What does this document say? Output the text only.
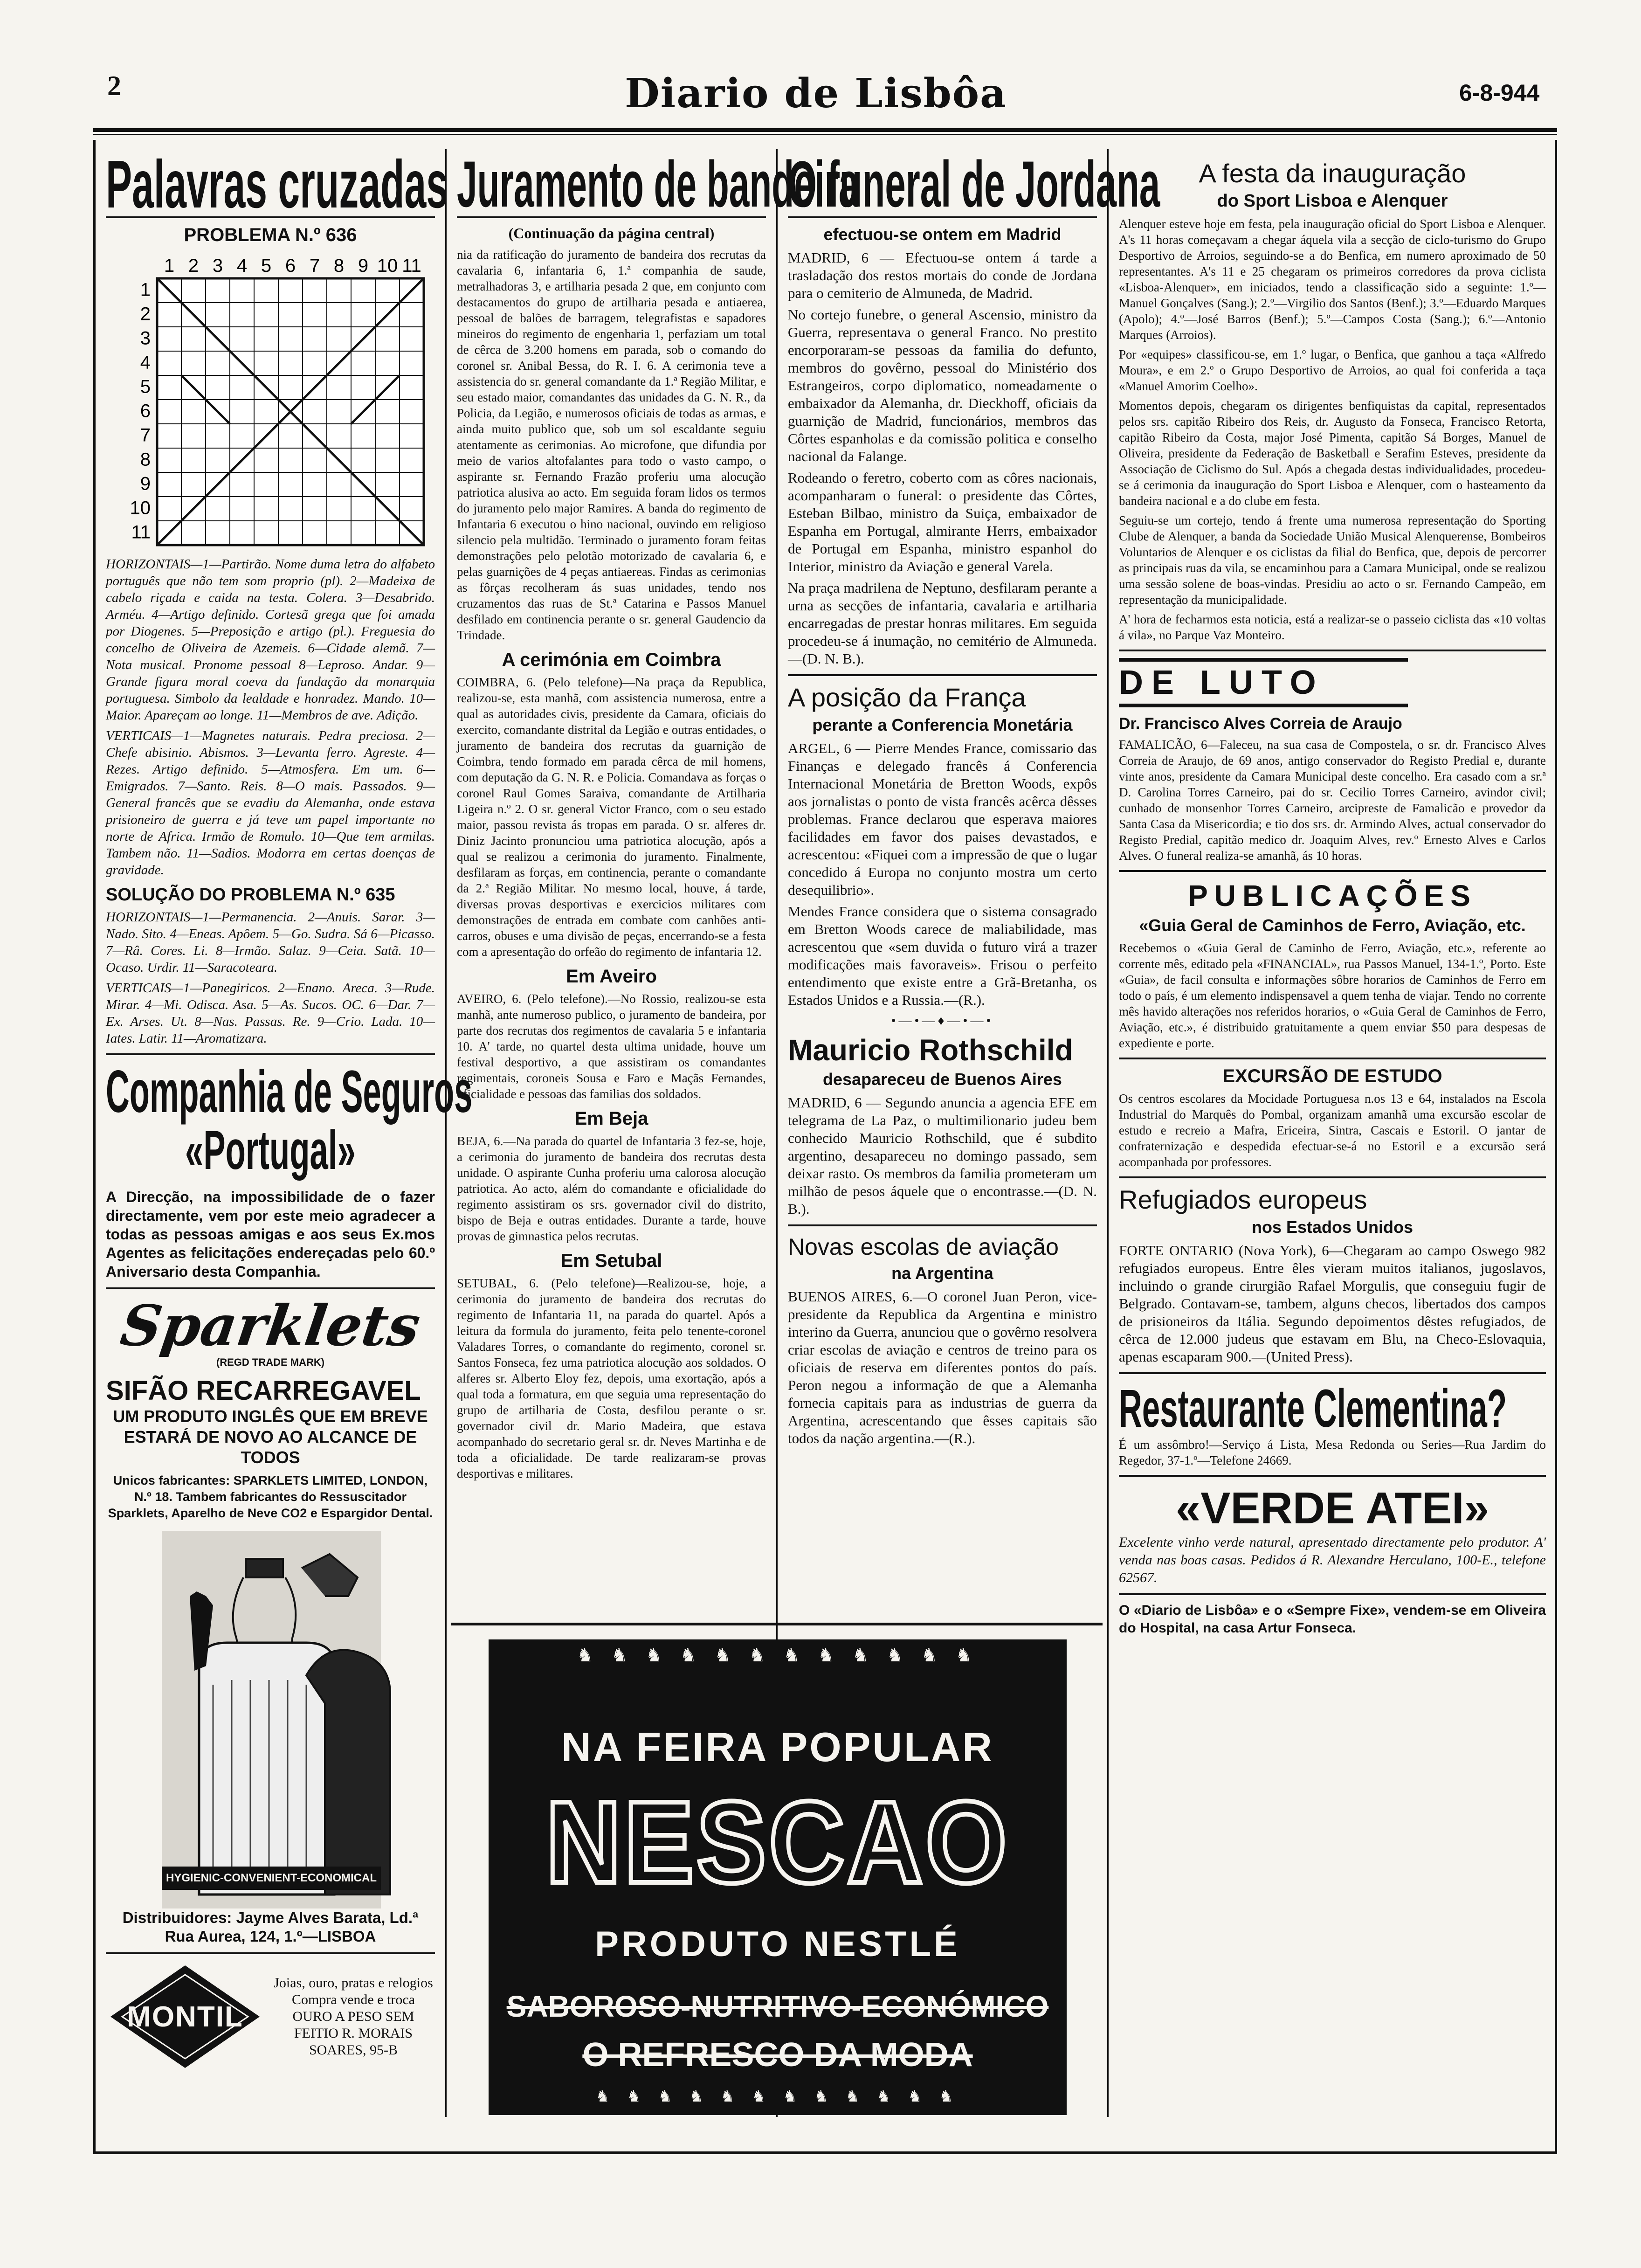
2	Diario de Lisbôa	6-8-944
Palavras cruzadas
PROBLEMA N.º 636
1 2 3 4 5 6 7 8 9 10 11
1
2
3
4
5
6
7
8
9
10
11

HORIZONTAIS—1—Partirão. Nome duma letra do alfabeto português que não tem som proprio (pl). 2—Madeixa de cabelo riçada e caida na testa. Colera. 3—Desabrido. Arméu. 4—Artigo definido. Cortesã grega que foi amada por Diogenes. 5—Preposição e artigo (pl.). Freguesia do concelho de Oliveira de Azemeis. 6—Cidade alemã. 7—Nota musical. Pronome pessoal 8—Leproso. Andar. 9—Grande figura moral coeva da fundação da monarquia portuguesa. Simbolo da lealdade e honradez. Mando. 10—Maior. Apareçam ao longe. 11—Membros de ave. Adição.

VERTICAIS—1—Magnetes naturais. Pedra preciosa. 2—Chefe abisinio. Abismos. 3—Levanta ferro. Agreste. 4—Rezes. Artigo definido. 5—Atmosfera. Em um. 6—Emigrados. 7—Santo. Reis. 8—O mais. Passados. 9—General francês que se evadiu da Alemanha, onde estava prisioneiro de guerra e já teve um papel importante no norte de Africa. Irmão de Romulo. 10—Que tem armilas. Tambem não. 11—Sadios. Modorra em certas doenças de gravidade.

SOLUÇÃO DO PROBLEMA N.º 635

HORIZONTAIS—1—Permanencia. 2—Anuis. Sarar. 3—Nado. Sito. 4—Eneas. Apôem. 5—Go. Sudra. Sá 6—Picasso. 7—Râ. Cores. Li. 8—Irmão. Salaz. 9—Ceia. Satã. 10—Ocaso. Urdir. 11—Saracoteara.

VERTICAIS—1—Panegiricos. 2—Enano. Areca. 3—Rude. Mirar. 4—Mi. Odisca. Asa. 5—As. Sucos. OC. 6—Dar. 7—Ex. Arses. Ut. 8—Nas. Passas. Re. 9—Crio. Lada. 10—Iates. Latir. 11—Aromatizara.

Companhia de Seguros
«Portugal»

A Direcção, na impossibilidade de o fazer directamente, vem por este meio agradecer a todas as pessoas amigas e aos seus Ex.mos Agentes as felicitações endereçadas pelo 60.º Aniversario desta Companhia.

Sparklets
(REGD TRADE MARK)
SIFÃO RECARREGAVEL
UM PRODUTO INGLÊS QUE EM BREVE ESTARÁ DE NOVO AO ALCANCE DE TODOS
Unicos fabricantes: SPARKLETS LIMITED, LONDON, N.º 18. Tambem fabricantes do Ressuscitador Sparklets, Aparelho de Neve CO2 e Espargidor Dental.
HYGIENIC-CONVENIENT-ECONOMICAL
Distribuidores: Jayme Alves Barata, Ld.ª Rua Aurea, 124, 1.º—LISBOA
MONTIL
Joias, ouro, pratas e relogios Compra vende e troca OURO A PESO SEM FEITIO R. MORAIS SOARES, 95-B
Juramento de bandeira
(Continuação da página central)

nia da ratificação do juramento de bandeira dos recrutas da cavalaria 6, infantaria 6, 1.ª companhia de saude, metralhadoras 3, e artilharia pesada 2 que, em conjunto com destacamentos do grupo de artilharia pesada e antiaerea, pessoal de balões de barragem, telegrafistas e sapadores mineiros do regimento de engenharia 1, perfaziam um total de cêrca de 3.200 homens em parada, sob o comando do coronel sr. Anibal Bessa, do R. I. 6. A cerimonia teve a assistencia do sr. general comandante da 1.ª Região Militar, e seu estado maior, comandantes das unidades da G. N. R., da Policia, da Legião, e numerosos oficiais de todas as armas, e ainda muito publico que, sob um sol escaldante seguiu atentamente as cerimonias. Ao microfone, que difundia por meio de varios altofalantes para todo o vasto campo, o aspirante sr. Fernando Frazão proferiu uma alocução patriotica alusiva ao acto. Em seguida foram lidos os termos do juramento pelo major Ramires. A banda do regimento de Infantaria 6 executou o hino nacional, ouvindo em religioso silencio pela multidão. Terminado o juramento foram feitas demonstrações pelo pelotão motorizado de cavalaria 6, e pelas guarnições de 4 peças antiaereas. Findas as cerimonias as fôrças recolheram ás suas unidades, tendo nos cruzamentos das ruas de St.ª Catarina e Passos Manuel desfilado em continencia perante o sr. general Gaudencio da Trindade.

A cerimónia em Coimbra

COIMBRA, 6. (Pelo telefone)—Na praça da Republica, realizou-se, esta manhã, com assistencia numerosa, entre a qual as autoridades civis, presidente da Camara, oficiais do exercito, comandante distrital da Legião e outras entidades, o juramento de bandeira dos recrutas da guarnição de Coimbra, tendo formado em parada cêrca de mil homens, com deputação da G. N. R. e Policia. Comandava as forças o coronel Raul Gomes Saraiva, comandante de Artilharia Ligeira n.º 2. O sr. general Victor Franco, com o seu estado maior, passou revista ás tropas em parada. O sr. alferes dr. Diniz Jacinto pronunciou uma patriotica alocução, após a qual se realizou a cerimonia do juramento. Finalmente, desfilaram as forças, em continencia, perante o comandante da 2.ª Região Militar. No mesmo local, houve, á tarde, diversas provas desportivas e exercicios militares com demonstrações de entrada em combate com canhões anti-carros, obuses e uma divisão de peças, encerrando-se a festa com a apresentação do orfeão do regimento de infantaria 12.

Em Aveiro

AVEIRO, 6. (Pelo telefone).—No Rossio, realizou-se esta manhã, ante numeroso publico, o juramento de bandeira, por parte dos recrutas dos regimentos de cavalaria 5 e infantaria 10. A' tarde, no quartel desta ultima unidade, houve um festival desportivo, a que assistiram os comandantes regimentais, coroneis Sousa e Faro e Maçãs Fernandes, oficialidade e pessoas das familias dos soldados.

Em Beja

BEJA, 6.—Na parada do quartel de Infantaria 3 fez-se, hoje, a cerimonia do juramento de bandeira dos recrutas desta unidade. O aspirante Cunha proferiu uma calorosa alocução patriotica. Ao acto, além do comandante e oficialidade do regimento assistiram os srs. governador civil do distrito, bispo de Beja e outras entidades. Durante a tarde, houve provas de gimnastica pelos recrutas.

Em Setubal

SETUBAL, 6. (Pelo telefone)—Realizou-se, hoje, a cerimonia do juramento de bandeira dos recrutas do regimento de Infantaria 11, na parada do quartel. Após a leitura da formula do juramento, feita pelo tenente-coronel Valadares Torres, o comandante do regimento, coronel sr. Santos Fonseca, fez uma patriotica alocução aos soldados. O alferes sr. Alberto Eloy fez, depois, uma exortação, após a qual toda a formatura, em que seguia uma representação do grupo de artilharia de Costa, desfilou perante o sr. governador civil dr. Mario Madeira, que estava acompanhado do secretario geral sr. dr. Neves Martinha e de toda a oficialidade. De tarde realizaram-se provas desportivas e militares.

O funeral de Jordana
efectuou-se ontem em Madrid

MADRID, 6 — Efectuou-se ontem á tarde a trasladação dos restos mortais do conde de Jordana para o cemiterio de Almuneda, de Madrid.

No cortejo funebre, o general Ascensio, ministro da Guerra, representava o general Franco. No prestito encorporaram-se pessoas da familia do defunto, membros do govêrno, pessoal do Ministério dos Estrangeiros, corpo diplomatico, nomeadamente o embaixador da Alemanha, dr. Dieckhoff, oficiais da guarnição de Madrid, funcionários, membros das Côrtes espanholas e da comissão politica e conselho nacional da Falange.

Rodeando o feretro, coberto com as côres nacionais, acompanharam o funeral: o presidente das Côrtes, Esteban Bilbao, ministro da Suiça, embaixador de Espanha em Portugal, almirante Herrs, embaixador de Portugal em Espanha, ministro espanhol do Interior, ministro da Aviação e general Varela.

Na praça madrilena de Neptuno, desfilaram perante a urna as secções de infantaria, cavalaria e artilharia encarregadas de prestar honras militares. Em seguida procedeu-se á inumação, no cemitério de Almuneda.—(D. N. B.).

A posição da França
perante a Conferencia Monetária

ARGEL, 6 — Pierre Mendes France, comissario das Finanças e delegado francês á Conferencia Internacional Monetária de Bretton Woods, expôs aos jornalistas o ponto de vista francês acêrca dêsses problemas. France declarou que esperava maiores facilidades em favor dos paises devastados, e acrescentou: «Fiquei com a impressão de que o lugar concedido á Europa no conjunto mostra um certo desequilibrio».

Mendes France considera que o sistema consagrado em Bretton Woods carece de maliabilidade, mas acrescentou que «sem duvida o futuro virá a trazer modificações mais favoraveis». Frisou o perfeito entendimento que existe entre a Grã-Bretanha, os Estados Unidos e a Russia.—(R.).

•—•—♦—•—•
Mauricio Rothschild
desapareceu de Buenos Aires

MADRID, 6 — Segundo anuncia a agencia EFE em telegrama de La Paz, o multimilionario judeu bem conhecido Mauricio Rothschild, que é subdito argentino, desapareceu no domingo passado, sem deixar rasto. Os membros da familia prometeram um milhão de pesos áquele que o encontrasse.—(D. N. B.).

Novas escolas de aviação
na Argentina

BUENOS AIRES, 6.—O coronel Juan Peron, vice-presidente da Republica da Argentina e ministro interino da Guerra, anunciou que o govêrno resolvera criar escolas de aviação e centros de treino para os oficiais de reserva em diferentes pontos do país. Peron negou a informação de que a Alemanha fornecia capitais para as industrias de guerra da Argentina, acrescentando que êsses capitais são todos da nação argentina.—(R.).

♞ ♞ ♞ ♞ ♞ ♞ ♞ ♞ ♞ ♞ ♞ ♞
NA FEIRA POPULAR
NESCAO
PRODUTO NESTLÉ
SABOROSO-NUTRITIVO-ECONÓMICO
O REFRESCO DA MODA
♞ ♞ ♞ ♞ ♞ ♞ ♞ ♞ ♞ ♞ ♞ ♞
A festa da inauguração
do Sport Lisboa e Alenquer

Alenquer esteve hoje em festa, pela inauguração oficial do Sport Lisboa e Alenquer. A's 11 horas começavam a chegar áquela vila a secção de ciclo-turismo do Grupo Desportivo de Arroios, seguindo-se a do Benfica, em numero aproximado de 50 representantes. A's 11 e 25 chegaram os primeiros corredores da prova ciclista «Lisboa-Alenquer», em iniciados, tendo a classificação sido a seguinte: 1.º—Manuel Gonçalves (Sang.); 2.º—Virgilio dos Santos (Benf.); 3.º—Eduardo Marques (Apolo); 4.º—José Barros (Benf.); 5.º—Campos Costa (Sang.); 6.º—Antonio Marques (Arroios).

Por «equipes» classificou-se, em 1.º lugar, o Benfica, que ganhou a taça «Alfredo Moura», e em 2.º o Grupo Desportivo de Arroios, ao qual foi conferida a taça «Manuel Amorim Coelho».

Momentos depois, chegaram os dirigentes benfiquistas da capital, representados pelos srs. capitão Ribeiro dos Reis, dr. Augusto da Fonseca, Francisco Retorta, capitão Ribeiro da Costa, major José Pimenta, capitão Sá Borges, Manuel de Oliveira, presidente da Federação de Basketball e Serafim Esteves, presidente da Associação de Ciclismo do Sul. Após a chegada destas individualidades, procedeu-se á cerimonia da inauguração do Sport Lisboa e Alenquer, com o hasteamento da bandeira nacional e a do clube em festa.

Seguiu-se um cortejo, tendo á frente uma numerosa representação do Sporting Clube de Alenquer, a banda da Sociedade União Musical Alenquerense, Bombeiros Voluntarios de Alenquer e os ciclistas da filial do Benfica, que, depois de percorrer as principais ruas da vila, se encaminhou para a Camara Municipal, onde se realizou uma sessão solene de boas-vindas. Presidiu ao acto o sr. Fernando Campeão, em representação da municipalidade.

A' hora de fecharmos esta noticia, está a realizar-se o passeio ciclista das «10 voltas á vila», no Parque Vaz Monteiro.

DE LUTO
Dr. Francisco Alves Correia de Araujo

FAMALICÃO, 6—Faleceu, na sua casa de Compostela, o sr. dr. Francisco Alves Correia de Araujo, de 69 anos, antigo conservador do Registo Predial e, durante vinte anos, presidente da Camara Municipal deste concelho. Era casado com a sr.ª D. Carolina Torres Carneiro, pai do sr. Cecilio Torres Carneiro, avindor civil; cunhado de monsenhor Torres Carneiro, arcipreste de Famalicão e provedor da Santa Casa da Misericordia; e tio dos srs. dr. Armindo Alves, actual conservador do Registo Predial, capitão medico dr. Joaquim Alves, rev.º Ernesto Alves e Carlos Alves. O funeral realiza-se amanhã, ás 10 horas.

PUBLICAÇÕES
«Guia Geral de Caminhos de Ferro, Aviação, etc.

Recebemos o «Guia Geral de Caminho de Ferro, Aviação, etc.», referente ao corrente mês, editado pela «FINANCIAL», rua Passos Manuel, 134-1.º, Porto. Este «Guia», de facil consulta e informações sôbre horarios de Caminhos de Ferro em todo o país, é um elemento indispensavel a quem tenha de viajar. Tendo no corrente mês havido alterações nos referidos horarios, o «Guia Geral de Caminhos de Ferro, Aviação, etc.», é distribuido gratuitamente a quem enviar $50 para despesas de expediente e porte.

EXCURSÃO DE ESTUDO

Os centros escolares da Mocidade Portuguesa n.os 13 e 64, instalados na Escola Industrial do Marquês do Pombal, organizam amanhã uma excursão escolar de estudo e recreio a Mafra, Ericeira, Sintra, Cascais e Estoril. O jantar de confraternização e despedida efectuar-se-á no Estoril e a excursão será acompanhada por professores.

Refugiados europeus
nos Estados Unidos

FORTE ONTARIO (Nova York), 6—Chegaram ao campo Oswego 982 refugiados europeus. Entre êles vieram muitos italianos, jugoslavos, incluindo o grande cirurgião Rafael Morgulis, que conseguiu fugir de Belgrado. Contavam-se, tambem, alguns checos, libertados dos campos de prisioneiros da Itália. Segundo depoimentos dêstes refugiados, de cêrca de 12.000 judeus que estavam em Blu, na Checo-Eslovaquia, apenas escaparam 900.—(United Press).

Restaurante Clementina?

É um assômbro!—Serviço á Lista, Mesa Redonda ou Series—Rua Jardim do Regedor, 37-1.º—Telefone 24669.

«VERDE ATEI»

Excelente vinho verde natural, apresentado directamente pelo produtor. A' venda nas boas casas. Pedidos á R. Alexandre Herculano, 100-E., telefone 62567.

O «Diario de Lisbôa» e o «Sempre Fixe», vendem-se em Oliveira do Hospital, na casa Artur Fonseca.
